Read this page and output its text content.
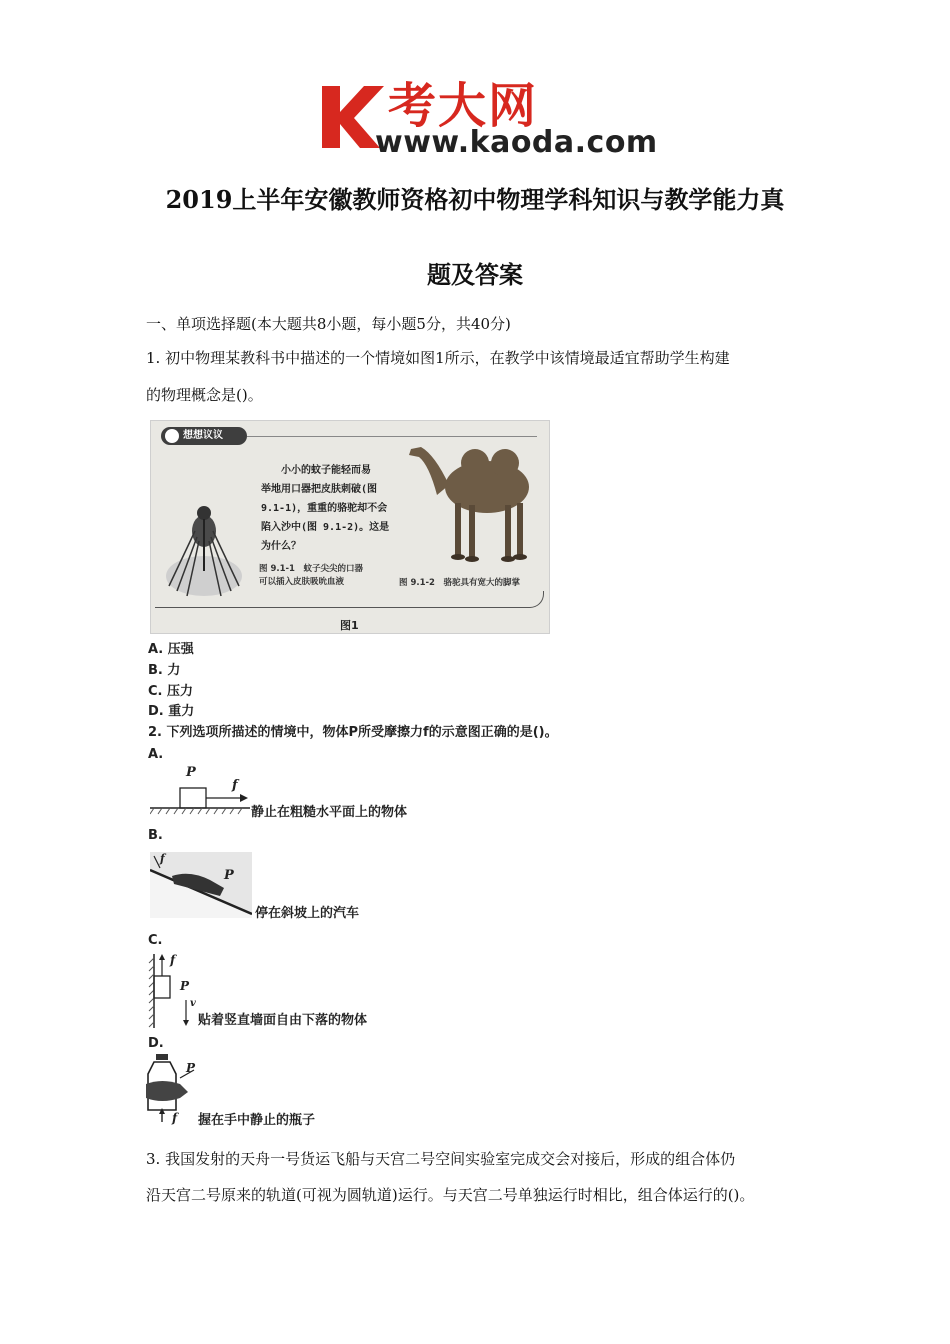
考大网
www.kaoda.com
2019上半年安徽教师资格初中物理学科知识与教学能力真
题及答案
一、单项选择题(本大题共8小题，每小题5分，共40分)
1. 初中物理某教科书中描述的一个情境如图1所示，在教学中该情境最适宜帮助学生构建
的物理概念是()。
想想议议
小小的蚊子能轻而易
举地用口器把皮肤刺破(图
9.1-1)，重重的骆驼却不会
陷入沙中(图 9.1-2)。这是
为什么？
图 9.1-1　蚊子尖尖的口器
可以插入皮肤吸吮血液	图 9.1-2　骆驼具有宽大的脚掌
图1
A. 压强
B. 力
C. 压力
D. 重力
2. 下列选项所描述的情境中，物体P所受摩擦力f的示意图正确的是()。
A.
P
f
静止在粗糙水平面上的物体
B.
f
P
停在斜坡上的汽车
C.
f
P
v
贴着竖直墙面自由下落的物体
D.
P
f 握在手中静止的瓶子
3. 我国发射的天舟一号货运飞船与天宫二号空间实验室完成交会对接后，形成的组合体仍
沿天宫二号原来的轨道(可视为圆轨道)运行。与天宫二号单独运行时相比，组合体运行的()。
